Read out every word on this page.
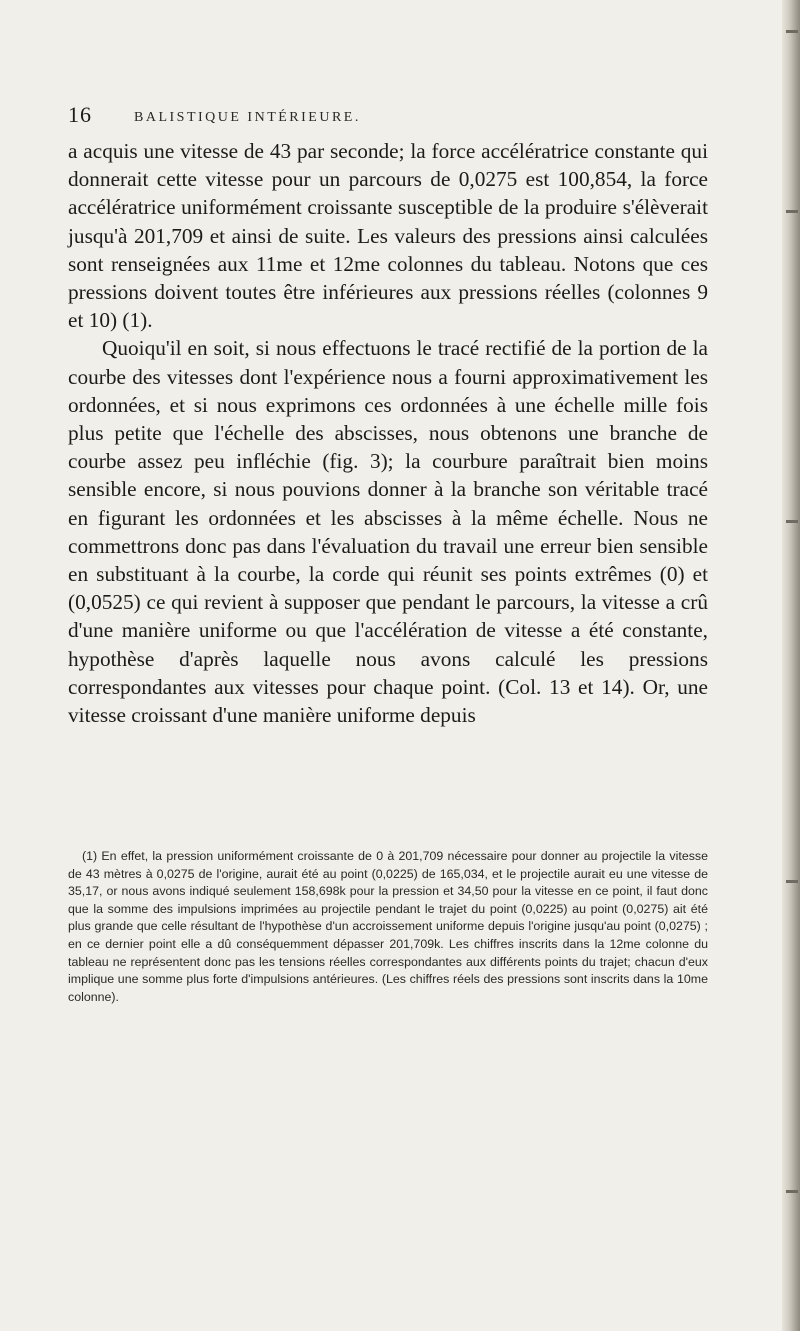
16	BALISTIQUE INTÉRIEURE.

a acquis une vitesse de 43 par seconde; la force accélératrice constante qui donnerait cette vitesse pour un parcours de 0,0275 est 100,854, la force accélératrice uniformément croissante susceptible de la produire s'élèverait jusqu'à 201,709 et ainsi de suite. Les valeurs des pressions ainsi calculées sont renseignées aux 11me et 12me colonnes du tableau. Notons que ces pressions doivent toutes être inférieures aux pressions réelles (colonnes 9 et 10) (1).

Quoiqu'il en soit, si nous effectuons le tracé rectifié de la portion de la courbe des vitesses dont l'expérience nous a fourni approximativement les ordonnées, et si nous exprimons ces ordonnées à une échelle mille fois plus petite que l'échelle des abscisses, nous obtenons une branche de courbe assez peu infléchie (fig. 3); la courbure paraîtrait bien moins sensible encore, si nous pouvions donner à la branche son véritable tracé en figurant les ordonnées et les abscisses à la même échelle. Nous ne commettrons donc pas dans l'évaluation du travail une erreur bien sensible en substituant à la courbe, la corde qui réunit ses points extrêmes (0) et (0,0525) ce qui revient à supposer que pendant le parcours, la vitesse a crû d'une manière uniforme ou que l'accélération de vitesse a été constante, hypothèse d'après laquelle nous avons calculé les pressions correspondantes aux vitesses pour chaque point. (Col. 13 et 14). Or, une vitesse croissant d'une manière uniforme depuis

(1) En effet, la pression uniformément croissante de 0 à 201,709 nécessaire pour donner au projectile la vitesse de 43 mètres à 0,0275 de l'origine, aurait été au point (0,0225) de 165,034, et le projectile aurait eu une vitesse de 35,17, or nous avons indiqué seulement 158,698k pour la pression et 34,50 pour la vitesse en ce point, il faut donc que la somme des impulsions imprimées au projectile pendant le trajet du point (0,0225) au point (0,0275) ait été plus grande que celle résultant de l'hypothèse d'un accroissement uniforme depuis l'origine jusqu'au point (0,0275) ; en ce dernier point elle a dû conséquemment dépasser 201,709k. Les chiffres inscrits dans la 12me colonne du tableau ne représentent donc pas les tensions réelles correspondantes aux différents points du trajet; chacun d'eux implique une somme plus forte d'impulsions antérieures. (Les chiffres réels des pressions sont inscrits dans la 10me colonne).
